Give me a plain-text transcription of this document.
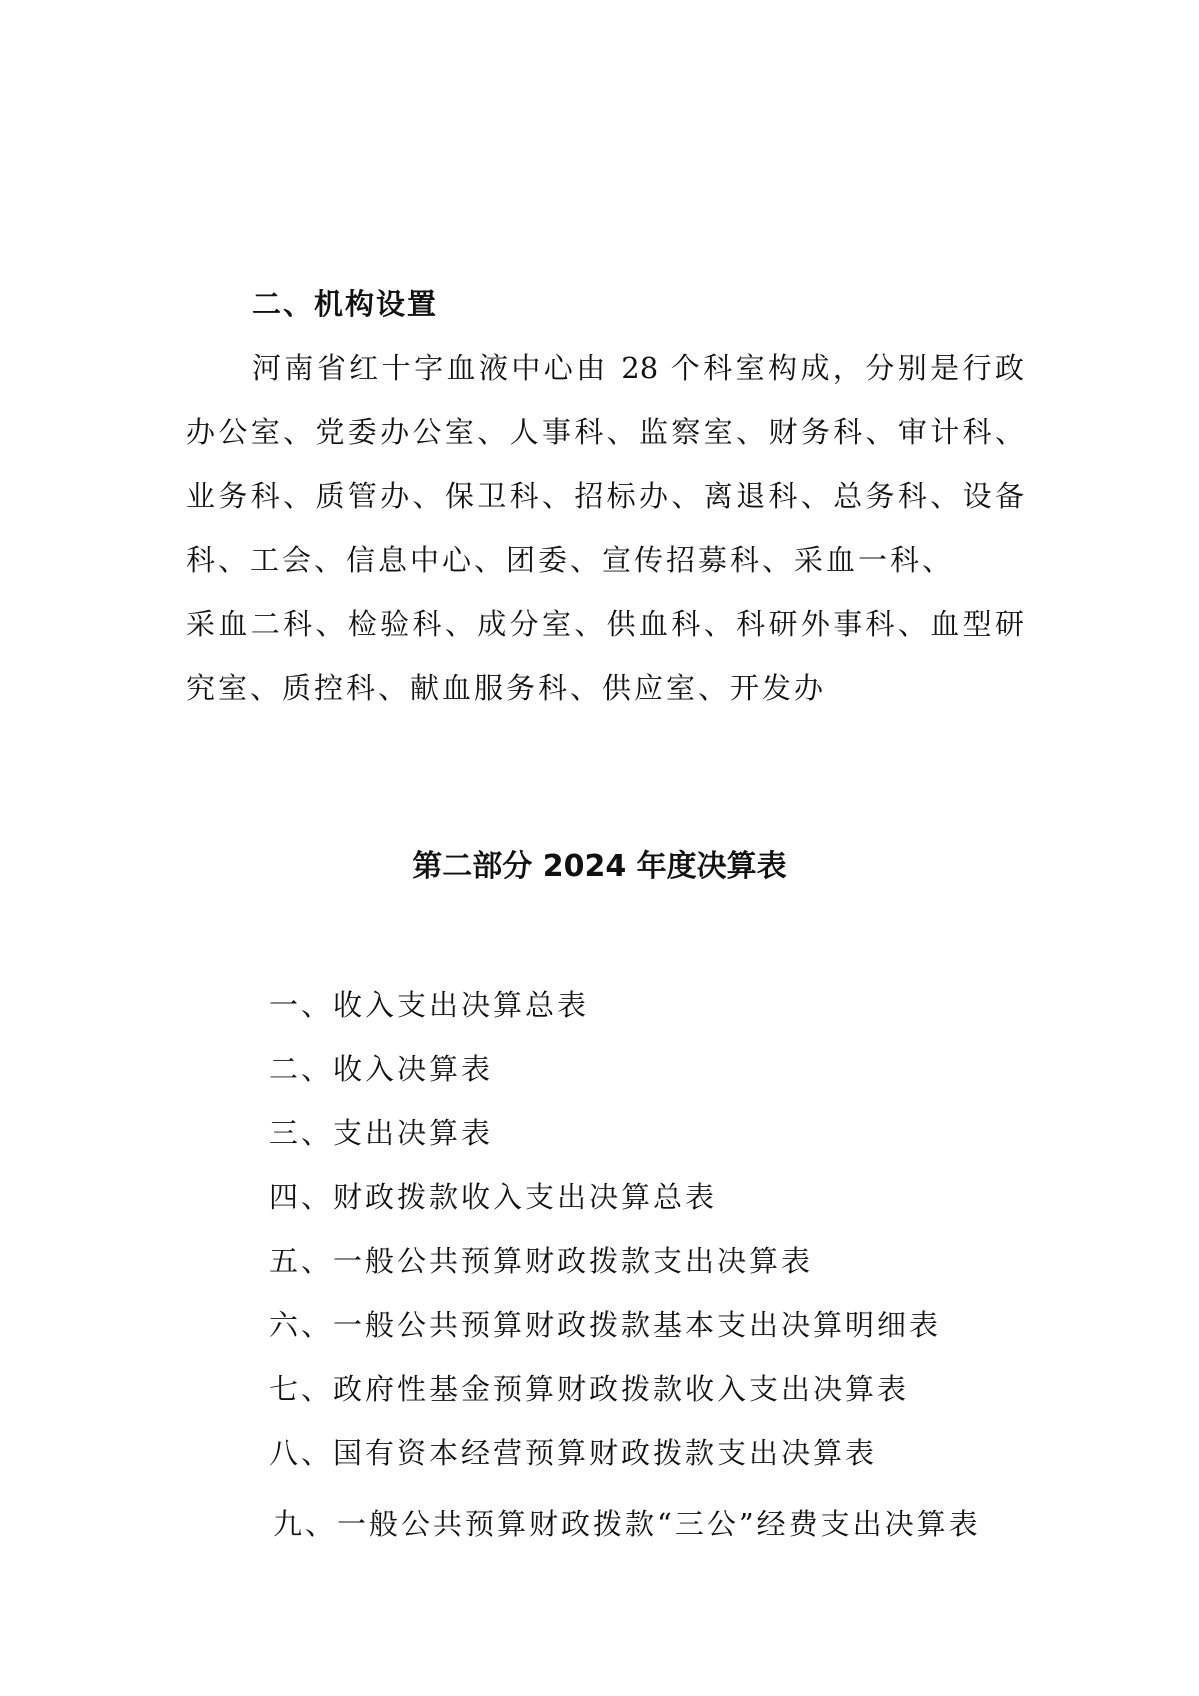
二、机构设置
河南省红十字血液中心由 28 个科室构成，分别是行政
办公室、党委办公室、人事科、监察室、财务科、审计科、
业务科、质管办、保卫科、招标办、离退科、总务科、设备
科、工会、信息中心、团委、宣传招募科、采血一科、
采血二科、检验科、成分室、供血科、科研外事科、血型研
究室、质控科、献血服务科、供应室、开发办
第二部分 2024 年度决算表
一、收入支出决算总表
二、收入决算表
三、支出决算表
四、财政拨款收入支出决算总表
五、一般公共预算财政拨款支出决算表
六、一般公共预算财政拨款基本支出决算明细表
七、政府性基金预算财政拨款收入支出决算表
八、国有资本经营预算财政拨款支出决算表
九、一般公共预算财政拨款“三公”经费支出决算表
